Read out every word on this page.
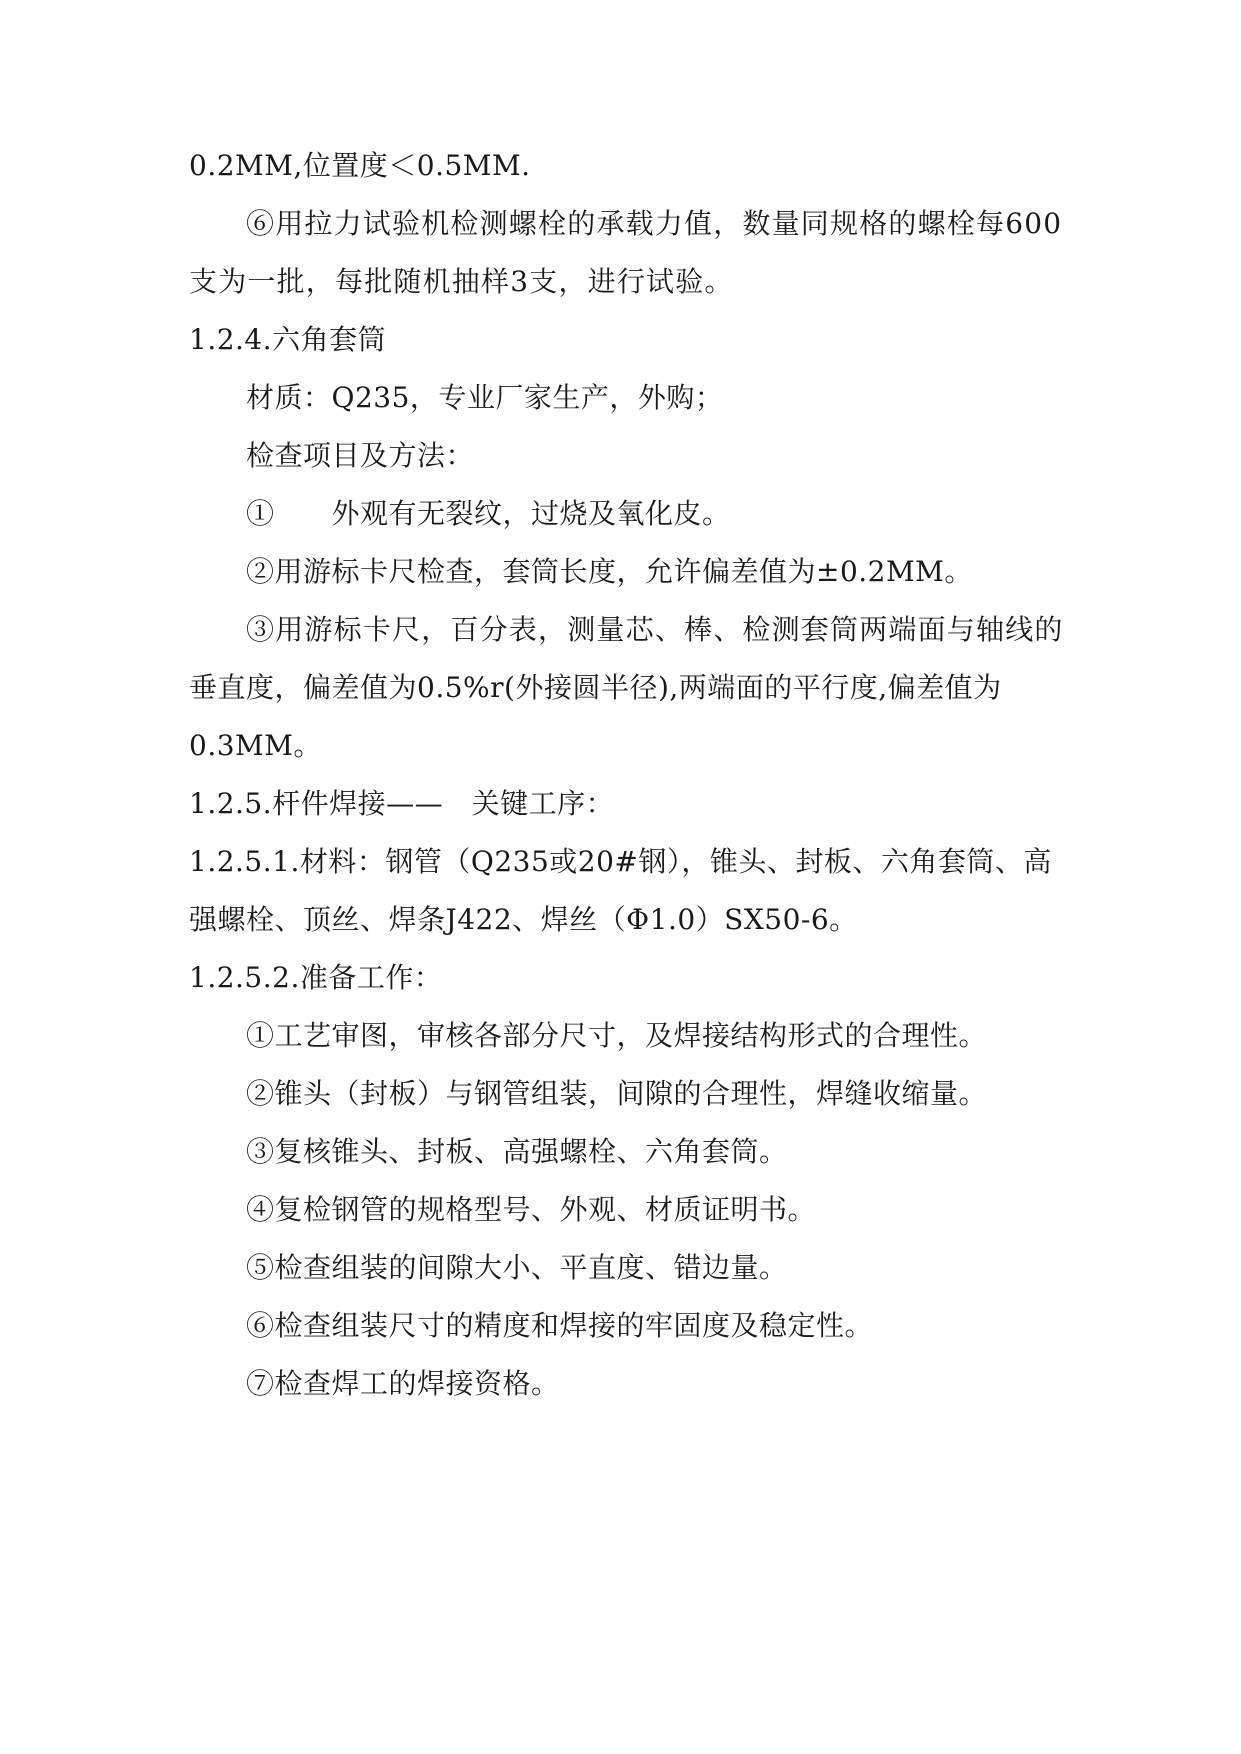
0.2MM,位置度＜0.5MM.
⑥用拉力试验机检测螺栓的承载力值，数量同规格的螺栓每600
支为一批，每批随机抽样3支，进行试验。
1.2.4.六角套筒
材质：Q235，专业厂家生产，外购；
检查项目及方法：
①　　外观有无裂纹，过烧及氧化皮。
②用游标卡尺检查，套筒长度，允许偏差值为±0.2MM。
③用游标卡尺，百分表，测量芯、棒、检测套筒两端面与轴线的
垂直度，偏差值为0.5%r(外接圆半径),两端面的平行度,偏差值为
0.3MM。
1.2.5.杆件焊接——　关键工序：
1.2.5.1.材料：钢管（Q235或20#钢），锥头、封板、六角套筒、高
强螺栓、顶丝、焊条J422、焊丝（Φ1.0）SX50-6。
1.2.5.2.准备工作：
①工艺审图，审核各部分尺寸，及焊接结构形式的合理性。
②锥头（封板）与钢管组装，间隙的合理性，焊缝收缩量。
③复核锥头、封板、高强螺栓、六角套筒。
④复检钢管的规格型号、外观、材质证明书。
⑤检查组装的间隙大小、平直度、错边量。
⑥检查组装尺寸的精度和焊接的牢固度及稳定性。
⑦检查焊工的焊接资格。
